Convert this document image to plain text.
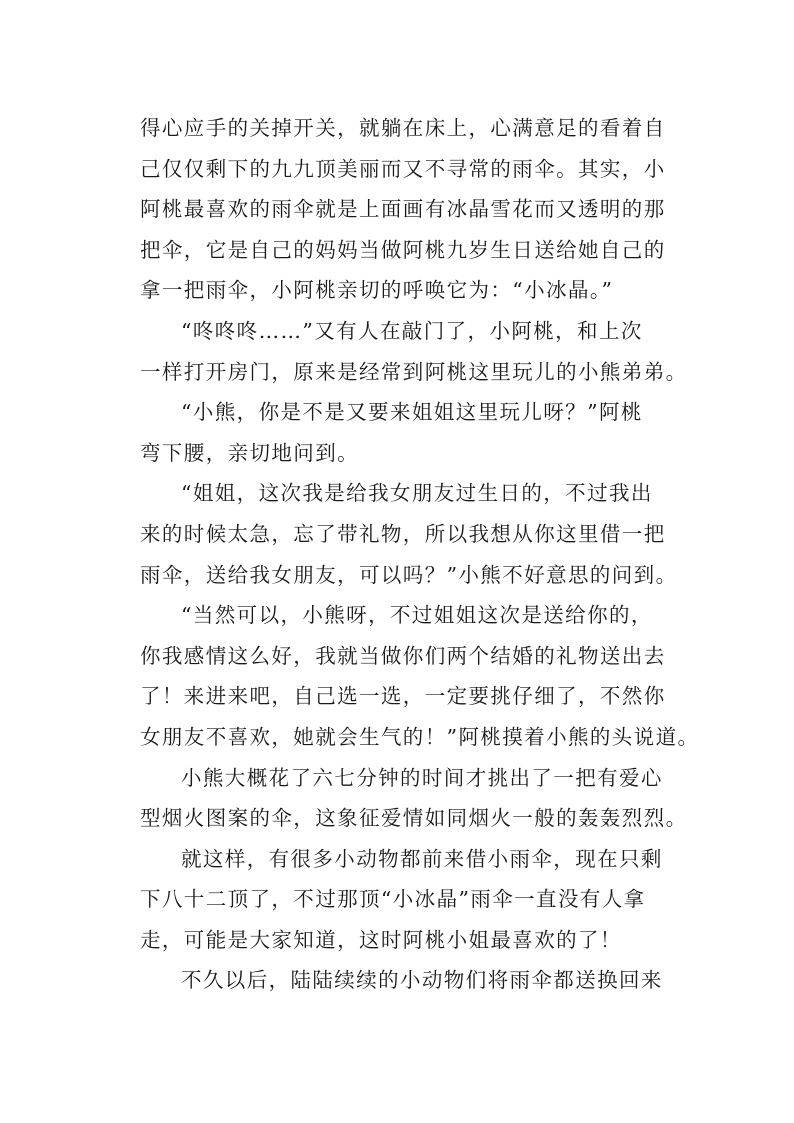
得心应手的关掉开关，就躺在床上，心满意足的看着自
己仅仅剩下的九九顶美丽而又不寻常的雨伞。其实，小
阿桃最喜欢的雨伞就是上面画有冰晶雪花而又透明的那
把伞，它是自己的妈妈当做阿桃九岁生日送给她自己的
拿一把雨伞，小阿桃亲切的呼唤它为：“小冰晶。”
“咚咚咚……”又有人在敲门了，小阿桃，和上次
一样打开房门，原来是经常到阿桃这里玩儿的小熊弟弟。
“小熊，你是不是又要来姐姐这里玩儿呀？”阿桃
弯下腰，亲切地问到。
“姐姐，这次我是给我女朋友过生日的，不过我出
来的时候太急，忘了带礼物，所以我想从你这里借一把
雨伞，送给我女朋友，可以吗？”小熊不好意思的问到。
“当然可以，小熊呀，不过姐姐这次是送给你的，
你我感情这么好，我就当做你们两个结婚的礼物送出去
了！来进来吧，自己选一选，一定要挑仔细了，不然你
女朋友不喜欢，她就会生气的！”阿桃摸着小熊的头说道。
小熊大概花了六七分钟的时间才挑出了一把有爱心
型烟火图案的伞，这象征爱情如同烟火一般的轰轰烈烈。
就这样，有很多小动物都前来借小雨伞，现在只剩
下八十二顶了，不过那顶“小冰晶”雨伞一直没有人拿
走，可能是大家知道，这时阿桃小姐最喜欢的了！
不久以后，陆陆续续的小动物们将雨伞都送换回来
